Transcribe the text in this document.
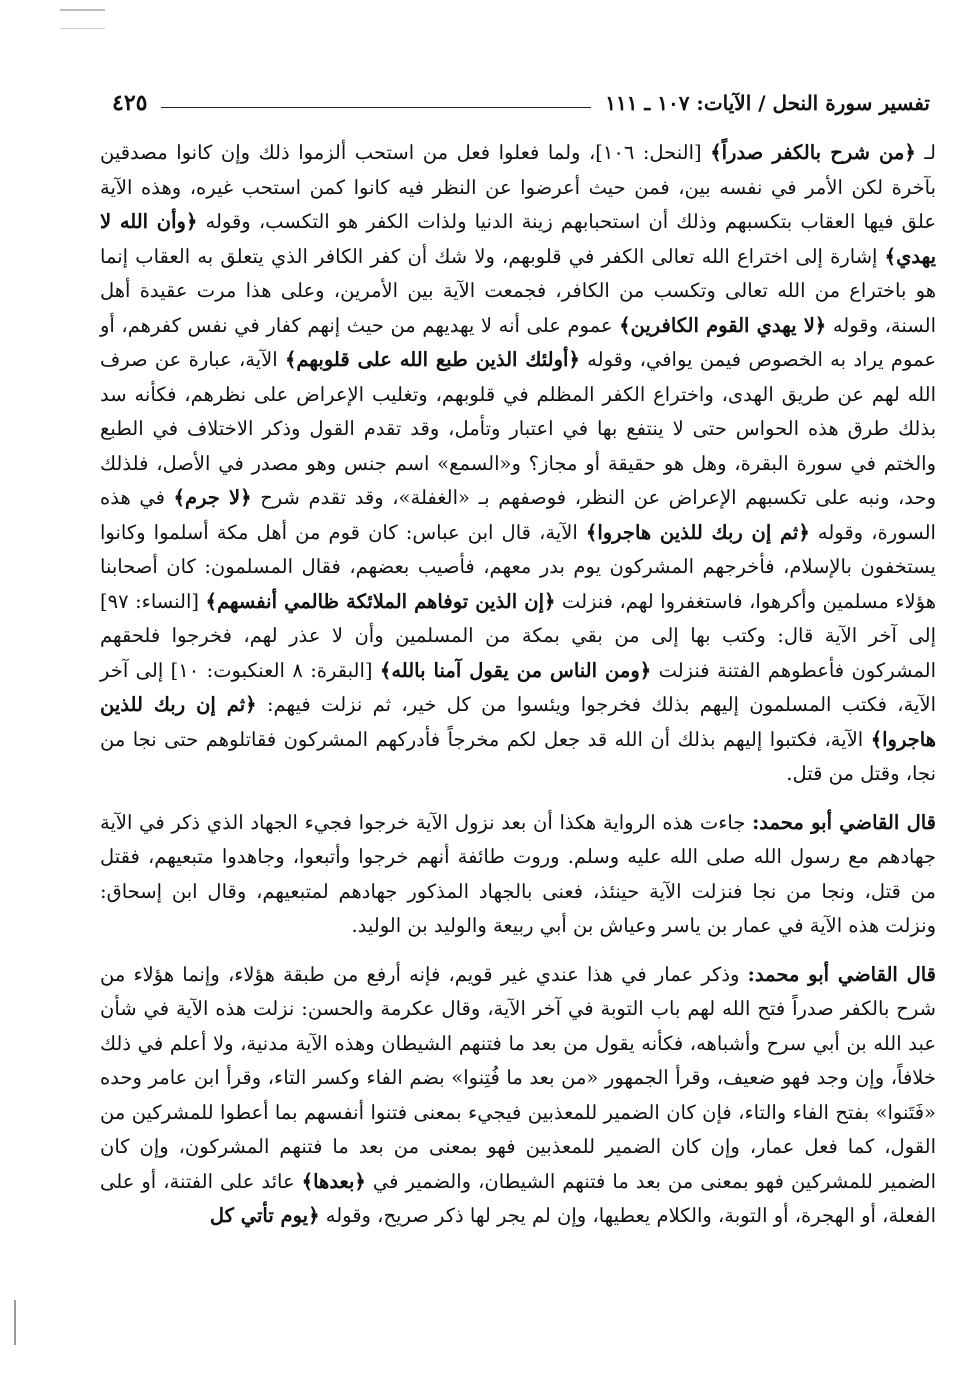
تفسير سورة النحل / الآيات: ١٠٧ ـ ١١١
٤٢٥

لـ ﴿من شرح بالكفر صدراً﴾ [النحل: ١٠٦]، ولما فعلوا فعل من استحب ألزموا ذلك وإن كانوا مصدقين بآخرة لكن الأمر في نفسه بين، فمن حيث أعرضوا عن النظر فيه كانوا كمن استحب غيره، وهذه الآية علق فيها العقاب بتكسبهم وذلك أن استحبابهم زينة الدنيا ولذات الكفر هو التكسب، وقوله ﴿وأن الله لا يهدي﴾ إشارة إلى اختراع الله تعالى الكفر في قلوبهم، ولا شك أن كفر الكافر الذي يتعلق به العقاب إنما هو باختراع من الله تعالى وتكسب من الكافر، فجمعت الآية بين الأمرين، وعلى هذا مرت عقيدة أهل السنة، وقوله ﴿لا يهدي القوم الكافرين﴾ عموم على أنه لا يهديهم من حيث إنهم كفار في نفس كفرهم، أو عموم يراد به الخصوص فيمن يوافي، وقوله ﴿أولئك الذين طبع الله على قلوبهم﴾ الآية، عبارة عن صرف الله لهم عن طريق الهدى، واختراع الكفر المظلم في قلوبهم، وتغليب الإعراض على نظرهم، فكأنه سد بذلك طرق هذه الحواس حتى لا ينتفع بها في اعتبار وتأمل، وقد تقدم القول وذكر الاختلاف في الطبع والختم في سورة البقرة، وهل هو حقيقة أو مجاز؟ و«السمع» اسم جنس وهو مصدر في الأصل، فلذلك وحد، ونبه على تكسبهم الإعراض عن النظر، فوصفهم بـ «الغفلة»، وقد تقدم شرح ﴿لا جرم﴾ في هذه السورة، وقوله ﴿ثم إن ربك للذين هاجروا﴾ الآية، قال ابن عباس: كان قوم من أهل مكة أسلموا وكانوا يستخفون بالإسلام، فأخرجهم المشركون يوم بدر معهم، فأصيب بعضهم، فقال المسلمون: كان أصحابنا هؤلاء مسلمين وأكرهوا، فاستغفروا لهم، فنزلت ﴿إن الذين توفاهم الملائكة ظالمي أنفسهم﴾ [النساء: ٩٧] إلى آخر الآية قال: وكتب بها إلى من بقي بمكة من المسلمين وأن لا عذر لهم، فخرجوا فلحقهم المشركون فأعطوهم الفتنة فنزلت ﴿ومن الناس من يقول آمنا بالله﴾ [البقرة: ٨ العنكبوت: ١٠] إلى آخر الآية، فكتب المسلمون إليهم بذلك فخرجوا ويئسوا من كل خير، ثم نزلت فيهم: ﴿ثم إن ربك للذين هاجروا﴾ الآية، فكتبوا إليهم بذلك أن الله قد جعل لكم مخرجاً فأدركهم المشركون فقاتلوهم حتى نجا من نجا، وقتل من قتل.

قال القاضي أبو محمد: جاءت هذه الرواية هكذا أن بعد نزول الآية خرجوا فجيء الجهاد الذي ذكر في الآية جهادهم مع رسول الله صلى الله عليه وسلم. وروت طائفة أنهم خرجوا وأتبعوا، وجاهدوا متبعيهم، فقتل من قتل، ونجا من نجا فنزلت الآية حينئذ، فعنى بالجهاد المذكور جهادهم لمتبعيهم، وقال ابن إسحاق: ونزلت هذه الآية في عمار بن ياسر وعياش بن أبي ربيعة والوليد بن الوليد.

قال القاضي أبو محمد: وذكر عمار في هذا عندي غير قويم، فإنه أرفع من طبقة هؤلاء، وإنما هؤلاء من شرح بالكفر صدراً فتح الله لهم باب التوبة في آخر الآية، وقال عكرمة والحسن: نزلت هذه الآية في شأن عبد الله بن أبي سرح وأشباهه، فكأنه يقول من بعد ما فتنهم الشيطان وهذه الآية مدنية، ولا أعلم في ذلك خلافاً، وإن وجد فهو ضعيف، وقرأ الجمهور «من بعد ما فُتِنوا» بضم الفاء وكسر التاء، وقرأ ابن عامر وحده «فَتَنوا» بفتح الفاء والتاء، فإن كان الضمير للمعذبين فيجيء بمعنى فتنوا أنفسهم بما أعطوا للمشركين من القول، كما فعل عمار، وإن كان الضمير للمعذبين فهو بمعنى من بعد ما فتنهم المشركون، وإن كان الضمير للمشركين فهو بمعنى من بعد ما فتنهم الشيطان، والضمير في ﴿بعدها﴾ عائد على الفتنة، أو على الفعلة، أو الهجرة، أو التوبة، والكلام يعطيها، وإن لم يجر لها ذكر صريح، وقوله ﴿يوم تأتي كل
